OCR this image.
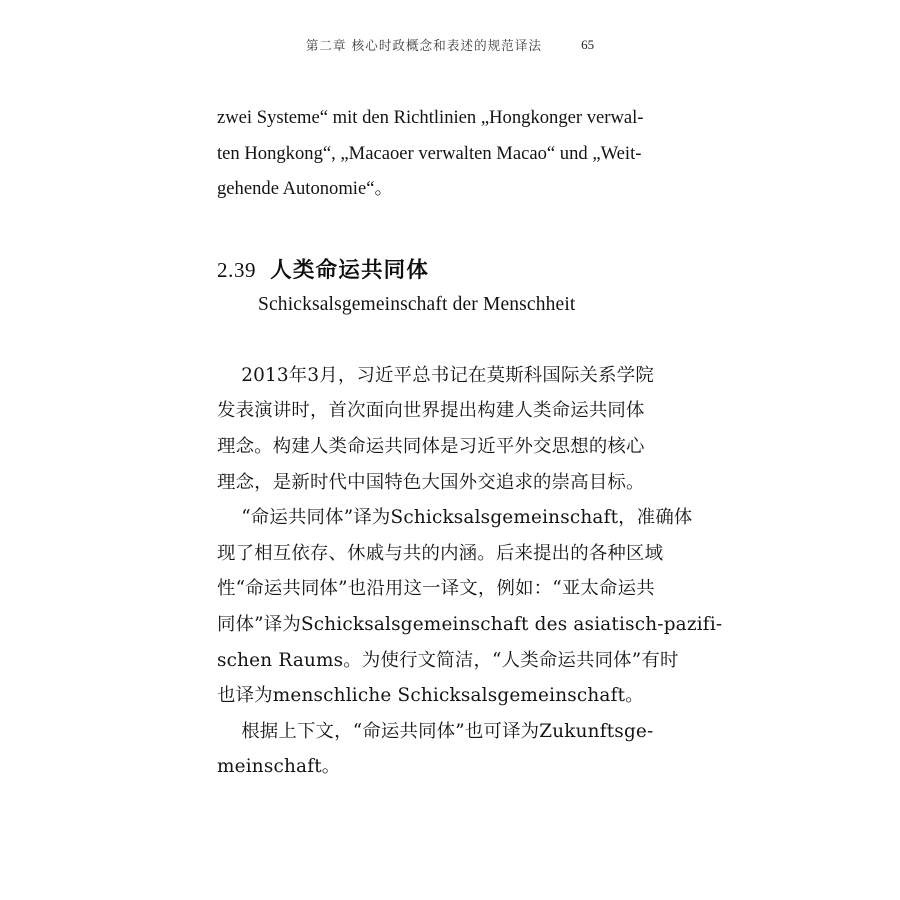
第二章 核心时政概念和表述的规范译法	65
zwei Systeme“ mit den Richtlinien „Hongkonger verwal-
ten Hongkong“, „Macaoer verwalten Macao“ und „Weit-
gehende Autonomie“。
2.39 人类命运共同体
Schicksalsgemeinschaft der Menschheit
2013年3月，习近平总书记在莫斯科国际关系学院
发表演讲时，首次面向世界提出构建人类命运共同体
理念。构建人类命运共同体是习近平外交思想的核心
理念，是新时代中国特色大国外交追求的崇高目标。
“命运共同体”译为Schicksalsgemeinschaft，准确体
现了相互依存、休戚与共的内涵。后来提出的各种区域
性“命运共同体”也沿用这一译文，例如：“亚太命运共
同体”译为Schicksalsgemeinschaft des asiatisch-pazifi-
schen Raums。为使行文简洁，“人类命运共同体”有时
也译为menschliche Schicksalsgemeinschaft。
根据上下文，“命运共同体”也可译为Zukunftsge-
meinschaft。
